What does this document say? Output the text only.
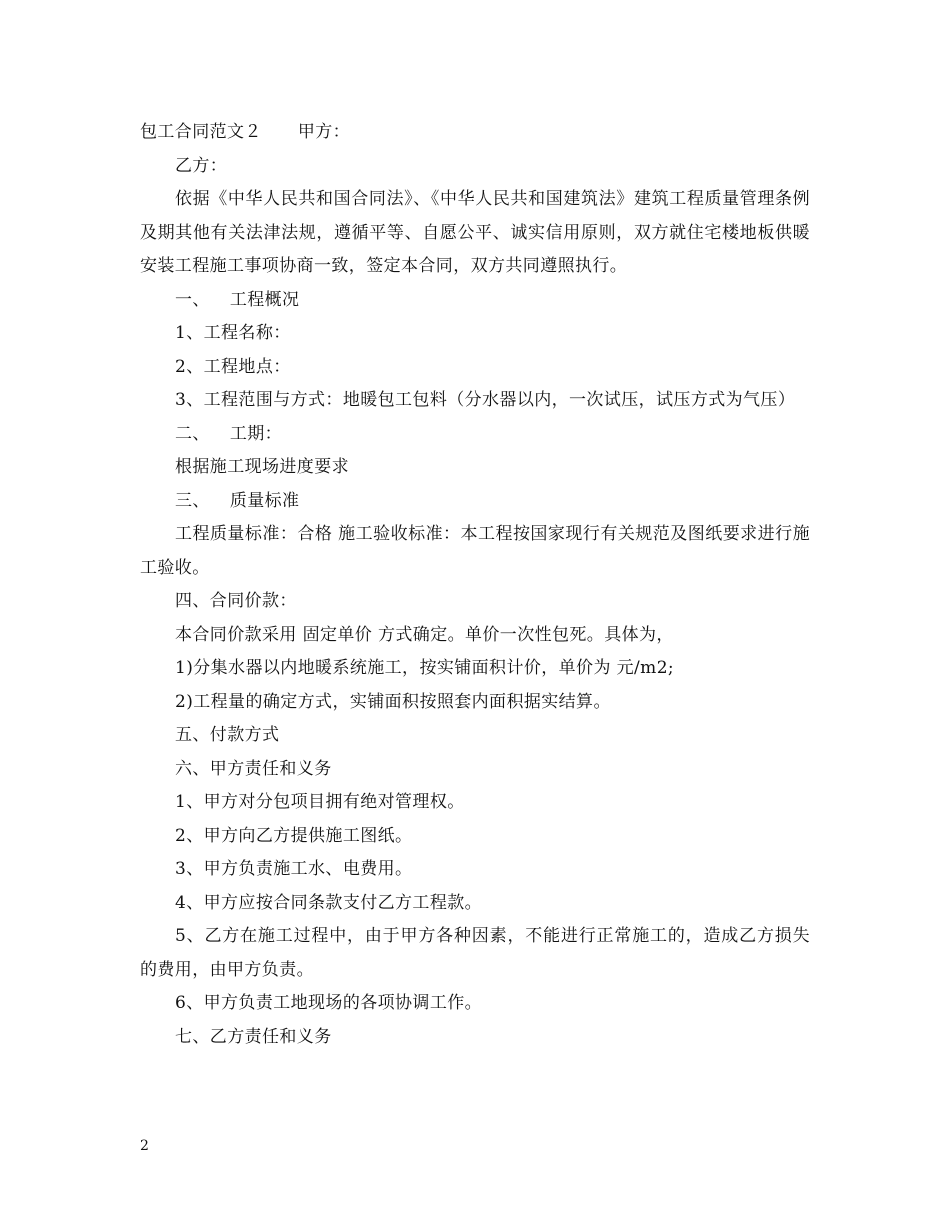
包工合同范文２ 甲方：
乙方：
依据《中华人民共和国合同法》、《中华人民共和国建筑法》建筑工程质量管理条例及期其他有关法津法规，遵循平等、自愿公平、诚实信用原则，双方就住宅楼地板供暖安装工程施工事项协商一致，签定本合同，双方共同遵照执行。
一、 工程概况
1、工程名称：
2、工程地点：
3、工程范围与方式：地暖包工包料（分水器以内，一次试压，试压方式为气压）
二、 工期：
根据施工现场进度要求
三、 质量标准
工程质量标准：合格 施工验收标准：本工程按国家现行有关规范及图纸要求进行施工验收。
四、合同价款：
本合同价款采用 固定单价 方式确定。单价一次性包死。具体为，
1)分集水器以内地暖系统施工，按实铺面积计价，单价为 元/m2;
2)工程量的确定方式，实铺面积按照套内面积据实结算。
五、付款方式
六、甲方责任和义务
1、甲方对分包项目拥有绝对管理权。
2、甲方向乙方提供施工图纸。
3、甲方负责施工水、电费用。
4、甲方应按合同条款支付乙方工程款。
5、乙方在施工过程中，由于甲方各种因素，不能进行正常施工的，造成乙方损失的费用，由甲方负责。
6、甲方负责工地现场的各项协调工作。
七、乙方责任和义务
2
